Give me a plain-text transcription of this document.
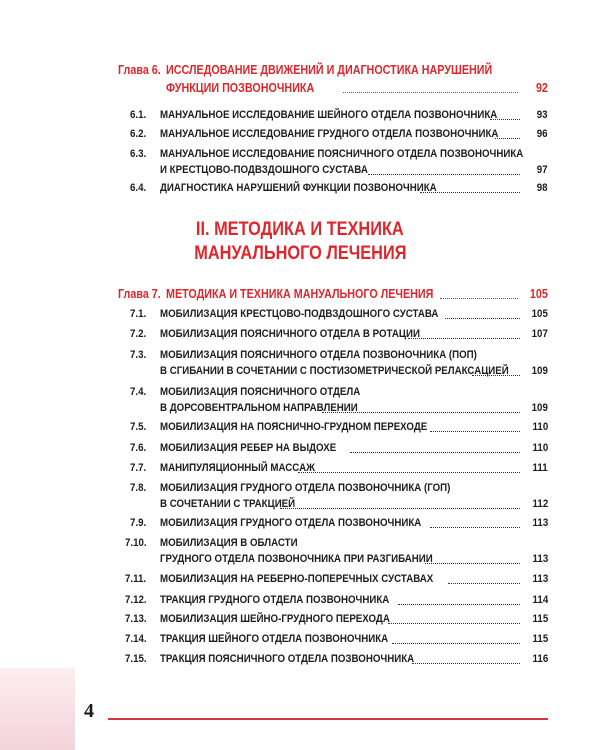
Глава 6. ИССЛЕДОВАНИЕ ДВИЖЕНИЙ И ДИАГНОСТИКА НАРУШЕНИЙ
ФУНКЦИИ ПОЗВОНОЧНИКА	92
6.1. МАНУАЛЬНОЕ ИССЛЕДОВАНИЕ ШЕЙНОГО ОТДЕЛА ПОЗВОНОЧНИКА	93
6.2. МАНУАЛЬНОЕ ИССЛЕДОВАНИЕ ГРУДНОГО ОТДЕЛА ПОЗВОНОЧНИКА	96
6.3. МАНУАЛЬНОЕ ИССЛЕДОВАНИЕ ПОЯСНИЧНОГО ОТДЕЛА ПОЗВОНОЧНИКА
И КРЕСТЦОВО-ПОДВЗДОШНОГО СУСТАВА	97
6.4. ДИАГНОСТИКА НАРУШЕНИЙ ФУНКЦИИ ПОЗВОНОЧНИКА	98
II. МЕТОДИКА И ТЕХНИКА
МАНУАЛЬНОГО ЛЕЧЕНИЯ
Глава 7. МЕТОДИКА И ТЕХНИКА МАНУАЛЬНОГО ЛЕЧЕНИЯ	105
7.1. МОБИЛИЗАЦИЯ КРЕСТЦОВО-ПОДВЗДОШНОГО СУСТАВА	105
7.2. МОБИЛИЗАЦИЯ ПОЯСНИЧНОГО ОТДЕЛА В РОТАЦИИ	107
7.3. МОБИЛИЗАЦИЯ ПОЯСНИЧНОГО ОТДЕЛА ПОЗВОНОЧНИКА (ПОП)
В СГИБАНИИ В СОЧЕТАНИИ С ПОСТИЗОМЕТРИЧЕСКОЙ РЕЛАКСАЦИЕЙ 109
7.4. МОБИЛИЗАЦИЯ ПОЯСНИЧНОГО ОТДЕЛА
В ДОРСОВЕНТРАЛЬНОМ НАПРАВЛЕНИИ	109
7.5. МОБИЛИЗАЦИЯ НА ПОЯСНИЧНО-ГРУДНОМ ПЕРЕХОДЕ	110
7.6. МОБИЛИЗАЦИЯ РЕБЕР НА ВЫДОХЕ	110
7.7. МАНИПУЛЯЦИОННЫЙ МАССАЖ	111
7.8. МОБИЛИЗАЦИЯ ГРУДНОГО ОТДЕЛА ПОЗВОНОЧНИКА (ГОП)
В СОЧЕТАНИИ С ТРАКЦИЕЙ	112
7.9. МОБИЛИЗАЦИЯ ГРУДНОГО ОТДЕЛА ПОЗВОНОЧНИКА	113
7.10. МОБИЛИЗАЦИЯ В ОБЛАСТИ
ГРУДНОГО ОТДЕЛА ПОЗВОНОЧНИКА ПРИ РАЗГИБАНИИ	113
7.11. МОБИЛИЗАЦИЯ НА РЕБЕРНО-ПОПЕРЕЧНЫХ СУСТАВАХ	113
7.12. ТРАКЦИЯ ГРУДНОГО ОТДЕЛА ПОЗВОНОЧНИКА	114
7.13. МОБИЛИЗАЦИЯ ШЕЙНО-ГРУДНОГО ПЕРЕХОДА	115
7.14. ТРАКЦИЯ ШЕЙНОГО ОТДЕЛА ПОЗВОНОЧНИКА	115
7.15. ТРАКЦИЯ ПОЯСНИЧНОГО ОТДЕЛА ПОЗВОНОЧНИКА	116
4
